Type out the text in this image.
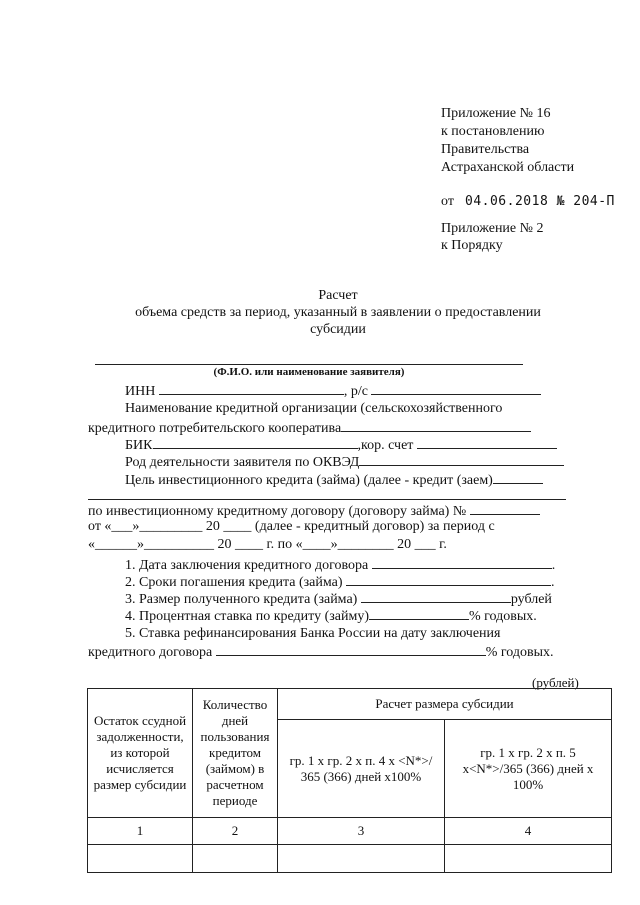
Приложение № 16
к постановлению
Правительства
Астраханской области
от 04.06.2018 № 204-П
Приложение № 2
к Порядку
Расчет
объема средств за период, указанный в заявлении о предоставлении
субсидии
(Ф.И.О. или наименование заявителя)
ИНН	, р/с
Наименование кредитной организации (сельскохозяйственного
кредитного потребительского кооператива
БИК	,кор. счет
Род деятельности заявителя по ОКВЭД
Цель инвестиционного кредита (займа) (далее - кредит (заем)
по инвестиционному кредитному договору (договору займа) №
от «___»_________ 20 ____ (далее - кредитный договор) за период с
«______»__________ 20 ____ г. по «____»________ 20 ___ г.
1. Дата заключения кредитного договора	.
2. Сроки погашения кредита (займа)	.
3. Размер полученного кредита (займа)	рублей
4. Процентная ставка по кредиту (займу)	% годовых.
5. Ставка рефинансирования Банка России на дату заключения
кредитного договора	% годовых.
(рублей)
Остаток ссудной задолженности, из которой исчисляется размер субсидии	Количество дней пользования кредитом (займом) в расчетном периоде	Расчет размера субсидии	
		гр. 1 х гр. 2 х п. 4 х <N*>/ 365 (366) дней х100%	гр. 1 х гр. 2 х п. 5 х<N*>/365 (366) дней х 100%
1	2	3	4
